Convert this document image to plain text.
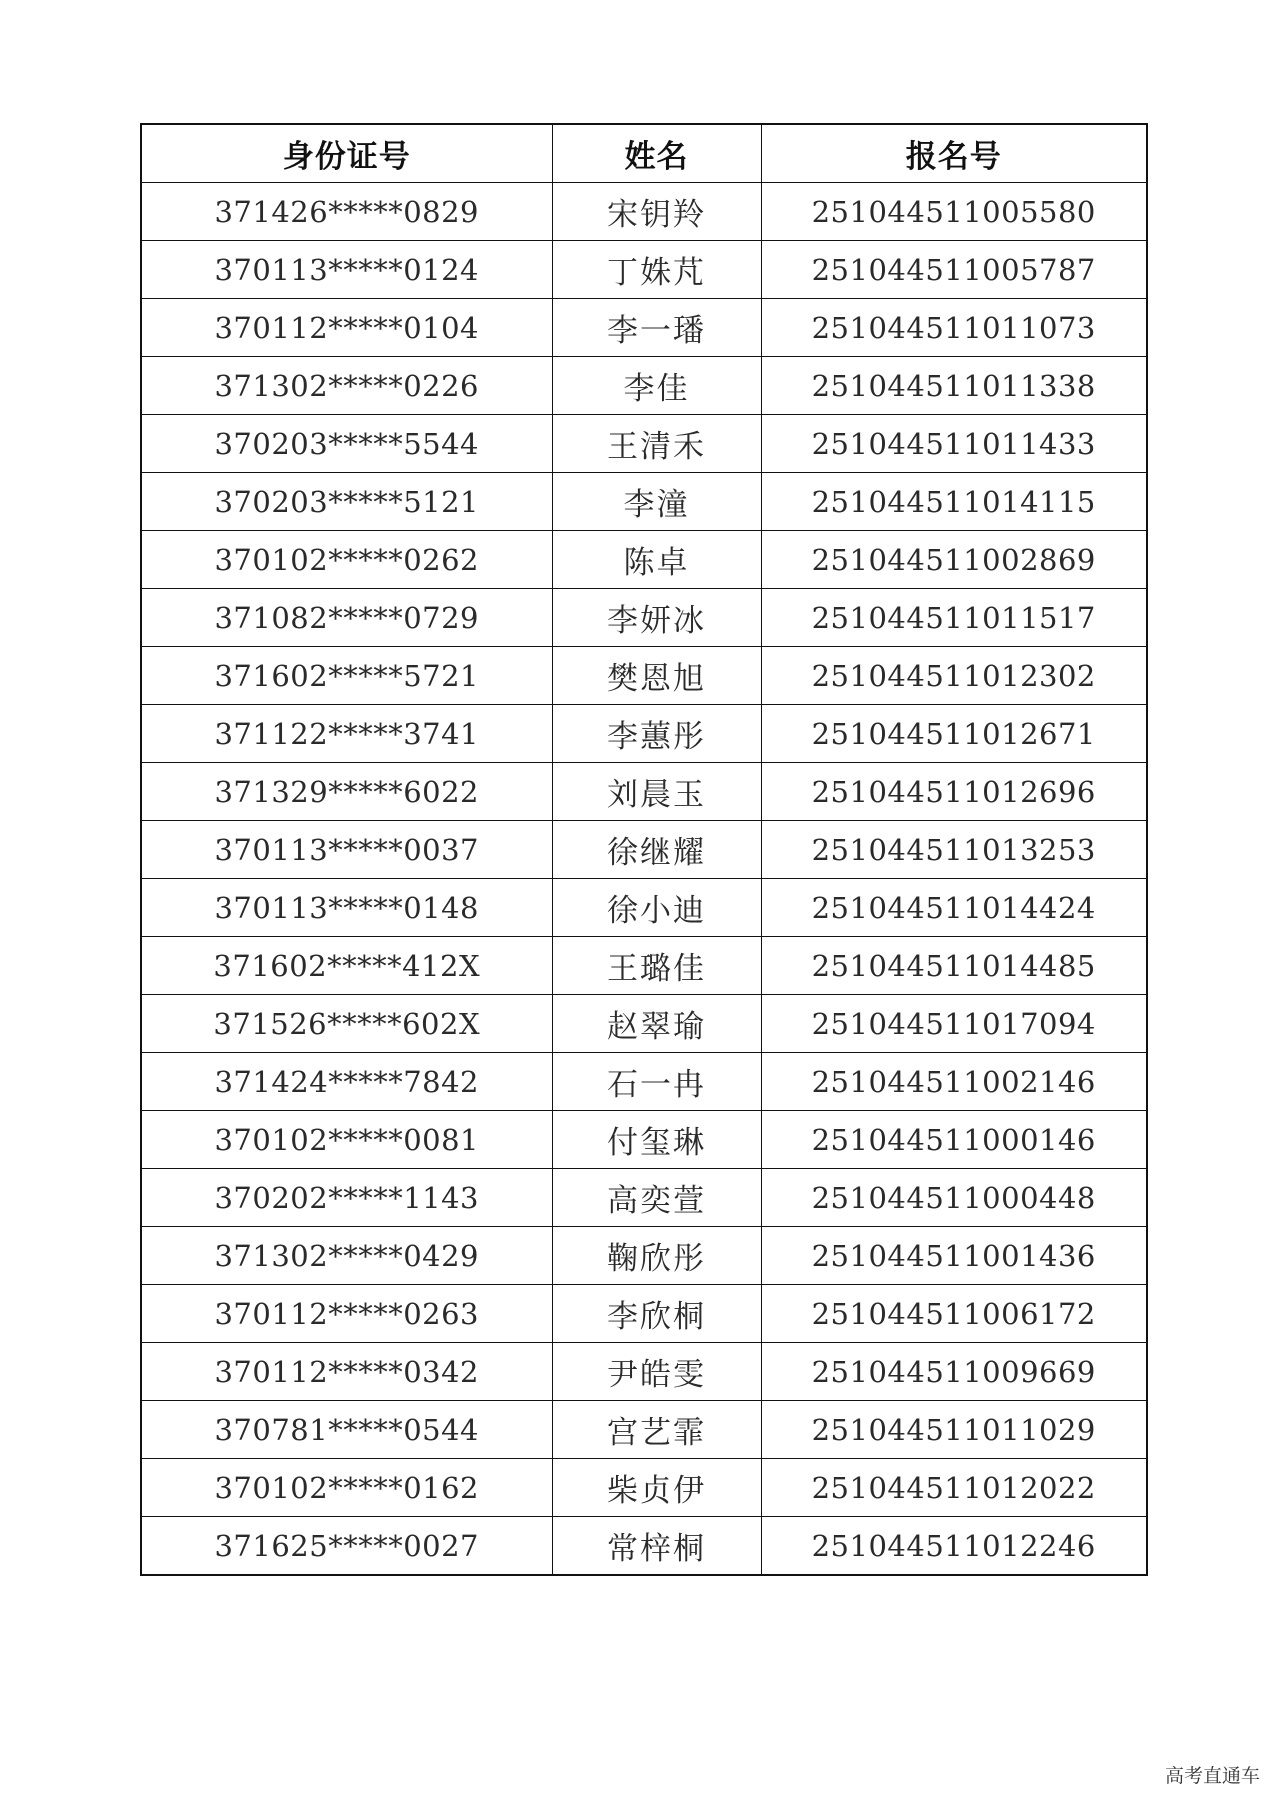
身份证号	姓名	报名号
371426*****0829	宋钥羚	251044511005580
370113*****0124	丁姝芃	251044511005787
370112*****0104	李一璠	251044511011073
371302*****0226	李佳	251044511011338
370203*****5544	王清禾	251044511011433
370203*****5121	李潼	251044511014115
370102*****0262	陈卓	251044511002869
371082*****0729	李妍冰	251044511011517
371602*****5721	樊恩旭	251044511012302
371122*****3741	李蕙彤	251044511012671
371329*****6022	刘晨玉	251044511012696
370113*****0037	徐继耀	251044511013253
370113*****0148	徐小迪	251044511014424
371602*****412X	王璐佳	251044511014485
371526*****602X	赵翠瑜	251044511017094
371424*****7842	石一冉	251044511002146
370102*****0081	付玺琳	251044511000146
370202*****1143	高奕萱	251044511000448
371302*****0429	鞠欣彤	251044511001436
370112*****0263	李欣桐	251044511006172
370112*****0342	尹皓雯	251044511009669
370781*****0544	宫艺霏	251044511011029
370102*****0162	柴贞伊	251044511012022
371625*****0027	常梓桐	251044511012246
高考直通车
